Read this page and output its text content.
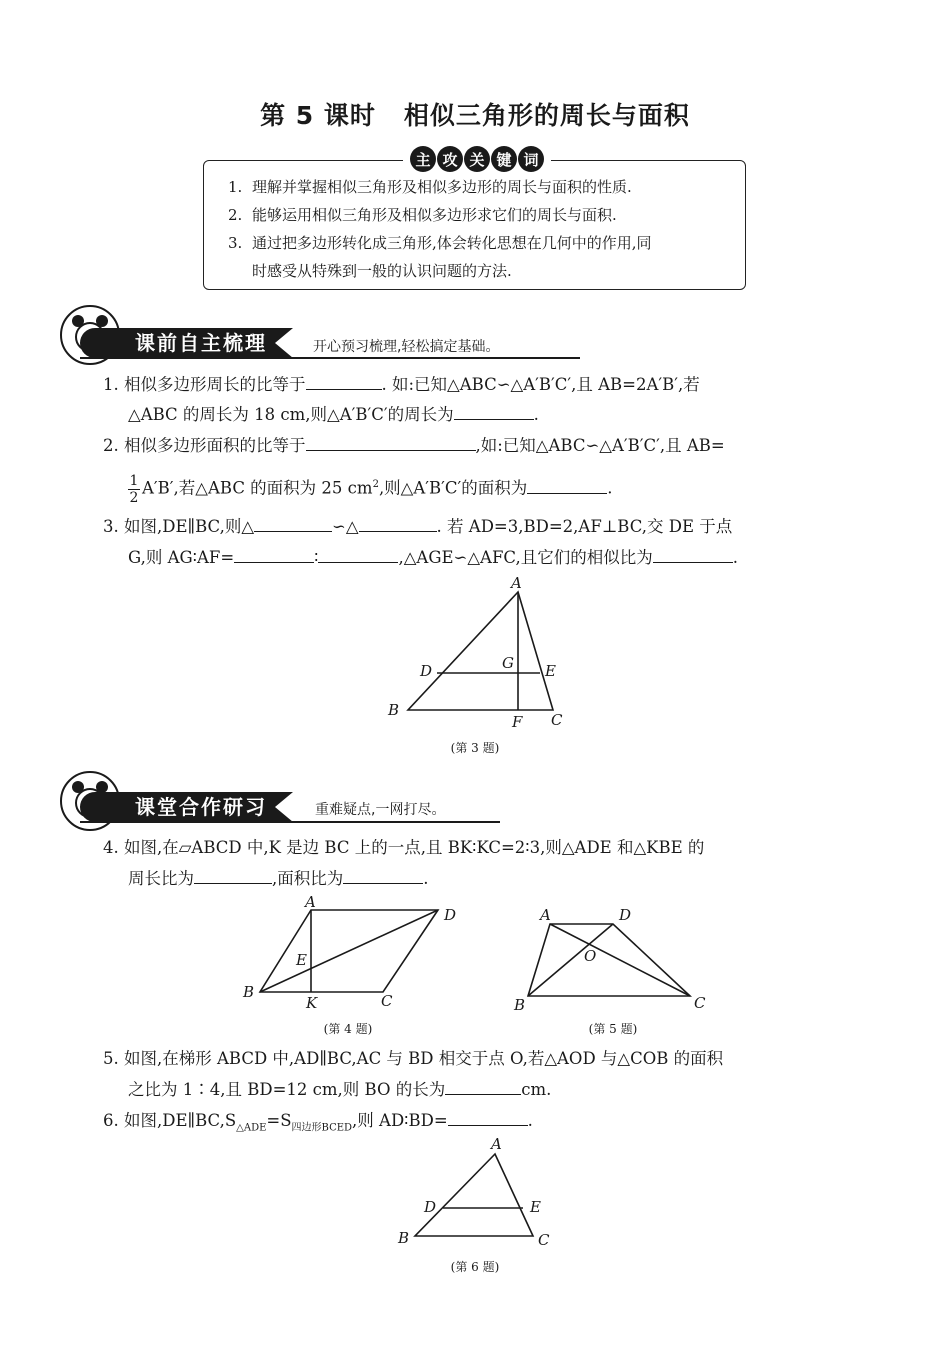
第 5 课时 相似三角形的周长与面积
主 攻 关 键 词
1. 理解并掌握相似三角形及相似多边形的周长与面积的性质.
2. 能够运用相似三角形及相似多边形求它们的周长与面积.
3. 通过把多边形转化成三角形,体会转化思想在几何中的作用,同
时感受从特殊到一般的认识问题的方法.
课前自主梳理	开心预习梳理,轻松搞定基础。
1. 相似多边形周长的比等于	. 如:已知△ABC∽△A′B′C′,且 AB=2A′B′,若
△ABC 的周长为 18 cm,则△A′B′C′的周长为	.
2. 相似多边形面积的比等于	,如:已知△ABC∽△A′B′C′,且 AB=
$\frac{1}{2} A'B'$,若△ABC 的面积为 25 $cm^2$,则△A′B′C′的面积为	.
3. 如图,DE∥BC,则△	∽△	. 若 AD=3,BD=2,AF⊥BC,交 DE 于点
G,则 AG∶AF=	∶	,△AGE∽△AFC,且它们的相似比为	.
A
D	G E
B
F C
(第 3 题)
课堂合作研习	重难疑点,一网打尽。
4. 如图,在▱ABCD 中,K 是边 BC 上的一点,且 BK∶KC=2∶3,则△ADE 和△KBE 的
周长比为	,面积比为	.
A
D
E
B
K	C
(第 4 题)
A	D
O
B	C
(第 5 题)
5. 如图,在梯形 ABCD 中,AD∥BC,AC 与 BD 相交于点 O,若△AOD 与△COB 的面积
之比为 1∶4,且 BD=12 cm,则 BO 的长为	cm.
6. 如图$,DE\parallel BC,S_{\triangle ADE}=S_{四边形BCED}$,则 AD∶BD=	.
A
D	E
B	C
(第 6 题)
